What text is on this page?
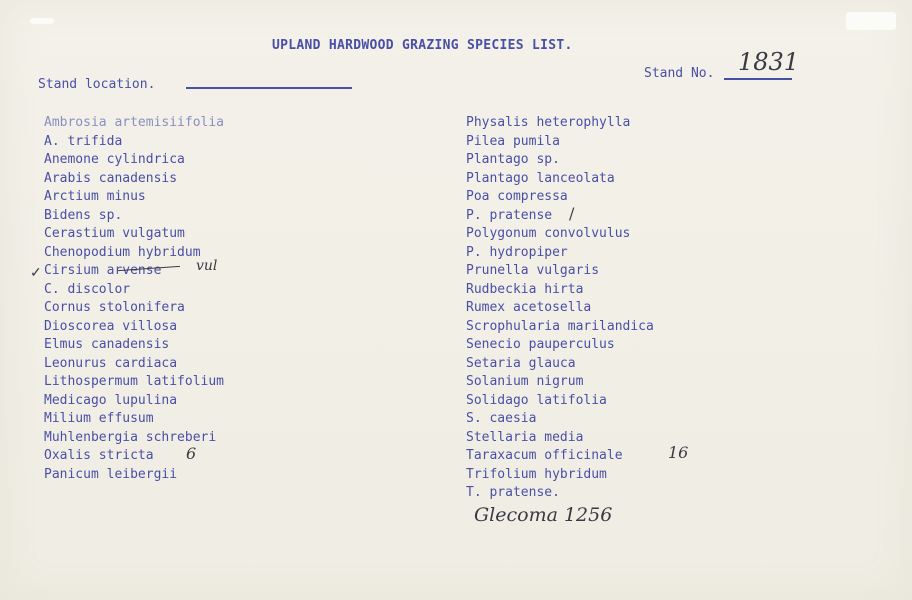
UPLAND HARDWOOD GRAZING SPECIES LIST.
Stand location.
Stand No. 1831
Ambrosia artemisiifolia
A. trifida
Anemone cylindrica
Arabis canadensis
Arctium minus
Bidens sp.
Cerastium vulgatum
Chenopodium hybridum
Cirsium arvense
C. discolor
Cornus stolonifera
Dioscorea villosa
Elmus canadensis
Leonurus cardiaca
Lithospermum latifolium
Medicago lupulina
Milium effusum
Muhlenbergia schreberi
Oxalis stricta
Panicum leibergii
Physalis heterophylla
Pilea pumila
Plantago sp.
Plantago lanceolata
Poa compressa
P. pratense
Polygonum convolvulus
P. hydropiper
Prunella vulgaris
Rudbeckia hirta
Rumex acetosella
Scrophularia marilandica
Senecio pauperculus
Setaria glauca
Solanium nigrum
Solidago latifolia
S. caesia
Stellaria media
Taraxacum officinale
Trifolium hybridum
T. pratense.
✓	vul
6	16
/
Glecoma 1256
